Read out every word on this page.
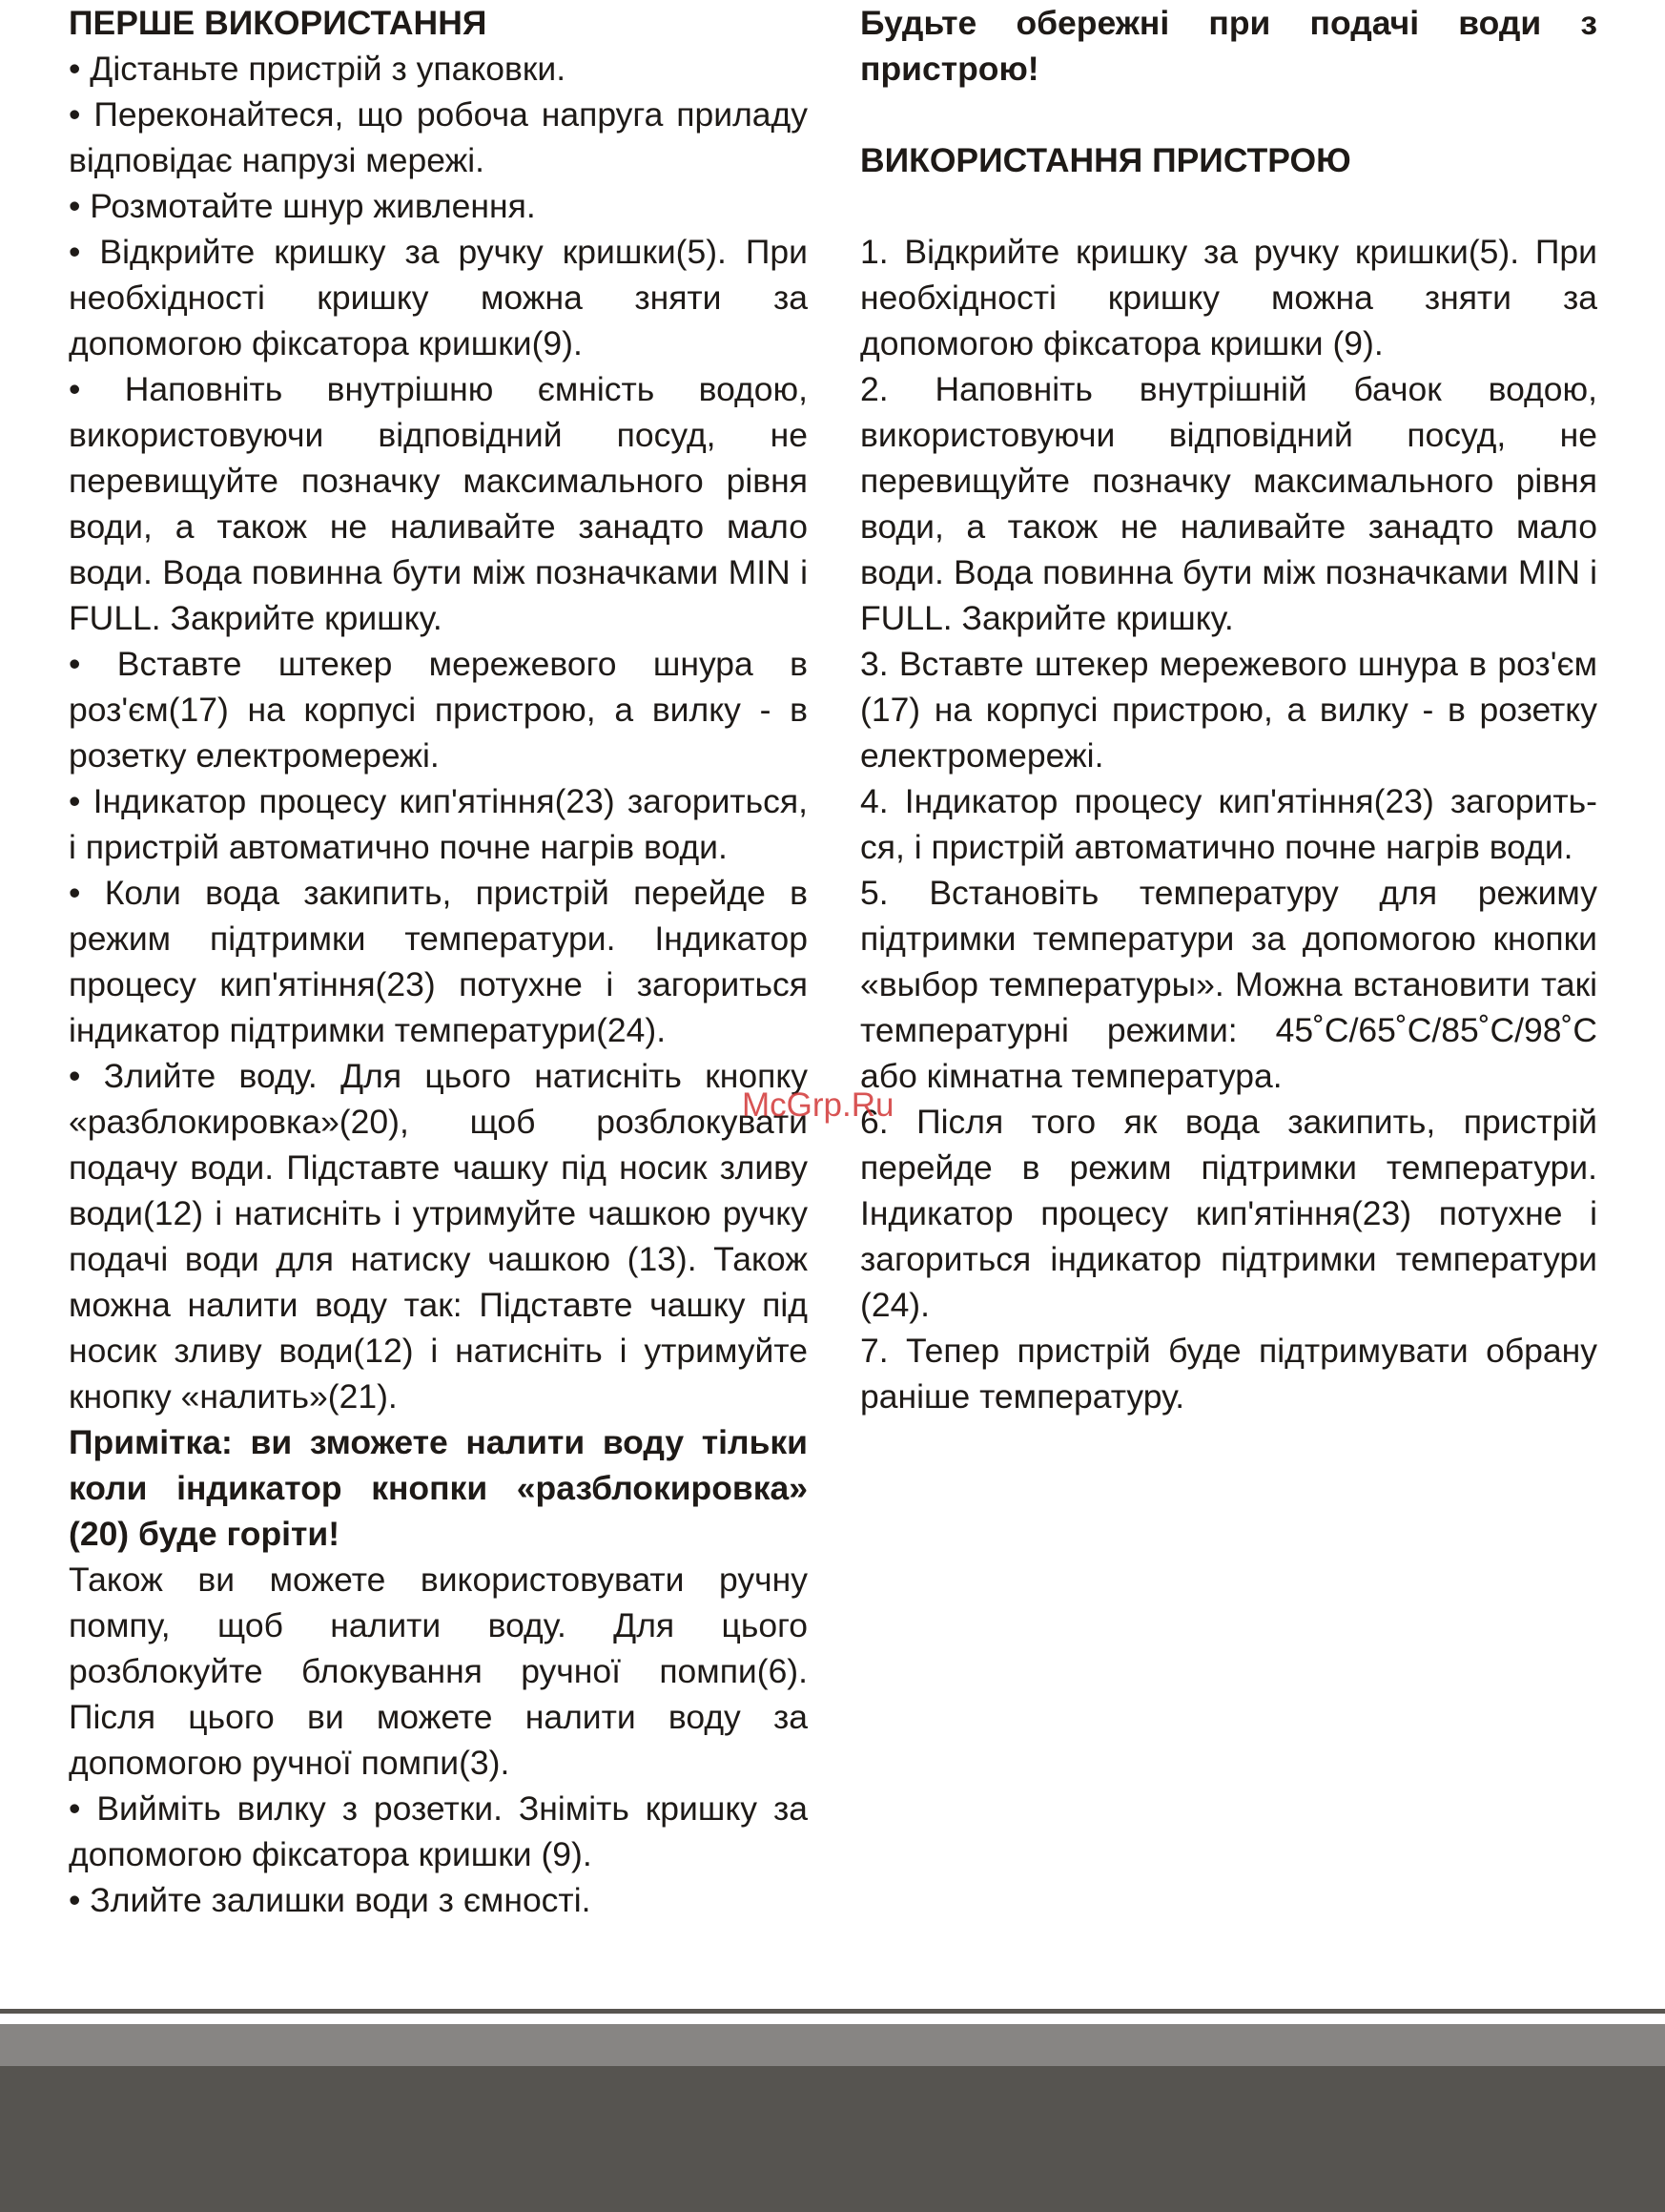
ПЕРШЕ ВИКОРИСТАННЯ

• Дістаньте пристрій з упаковки.

• Переконайтеся, що робоча напруга приладу відповідає напрузі мережі.

• Розмотайте шнур живлення.

• Відкрийте кришку за ручку кришки(5). При необхідності кришку можна зняти за допомогою фіксатора кришки(9).

• Наповніть внутрішню ємність водою, використовуючи відповідний посуд, не перевищуйте позначку максимального рівня води, а також не наливайте занадто мало води. Вода повинна бути між позначками MIN і FULL. Закрийте кришку.

• Вставте штекер мережевого шнура в роз'єм(17) на корпусі пристрою, а вилку - в розетку електромережі.

• Індикатор процесу кип'ятіння(23) загориться, і пристрій автоматично почне нагрів води.

• Коли вода закипить, пристрій перейде в режим підтримки температури. Індикатор процесу кип'ятіння(23) потухне і загориться індикатор підтримки температури(24).

• Злийте воду. Для цього натисніть кнопку «разблокировка»(20), щоб розблокувати подачу води. Підставте чашку під носик зливу води(12) і натисніть і утримуйте чашкою ручку подачі води для натиску чашкою (13). Також можна налити воду так: Підставте чашку під носик зливу води(12) і натисніть і утримуйте кнопку «налить»(21).

Примітка: ви зможете налити воду тільки коли індикатор кнопки «разблокировка» (20) буде горіти!

Також ви можете використовувати ручну помпу, щоб налити воду. Для цього розблокуйте блокування ручної помпи(6). Після цього ви можете налити воду за допомогою ручної помпи(3).

• Вийміть вилку з розетки. Зніміть кришку за допомогою фіксатора кришки (9).

• Злийте залишки води з ємності.

Будьте обережні при подачі води з пристрою!

ВИКОРИСТАННЯ ПРИСТРОЮ

1. Відкрийте кришку за ручку кришки(5). При необхідності кришку можна зняти за допомогою фіксатора кришки (9).

2. Наповніть внутрішній бачок водою, використовуючи відповідний посуд, не перевищуйте позначку максимального рівня води, а також не наливайте занадто мало води. Вода повинна бути між позначками MIN і FULL. Закрийте кришку.

3. Вставте штекер мережевого шнура в роз'єм (17) на корпусі пристрою, а вилку - в розетку електромережі.

4. Індикатор процесу кип'ятіння(23) загорить-ся, і пристрій автоматично почне нагрів води.

5. Встановіть температуру для режиму підтримки температури за допомогою кнопки «выбор температуры». Можна встановити такі температурні режими: 45˚С/65˚С/85˚С/98˚С або кімнатна температура.

6. Після того як вода закипить, пристрій перейде в режим підтримки температури. Індикатор процесу кип'ятіння(23) потухне і загориться індикатор підтримки температури (24).

7. Тепер пристрій буде підтримувати обрану раніше температуру.

McGrp.Ru
